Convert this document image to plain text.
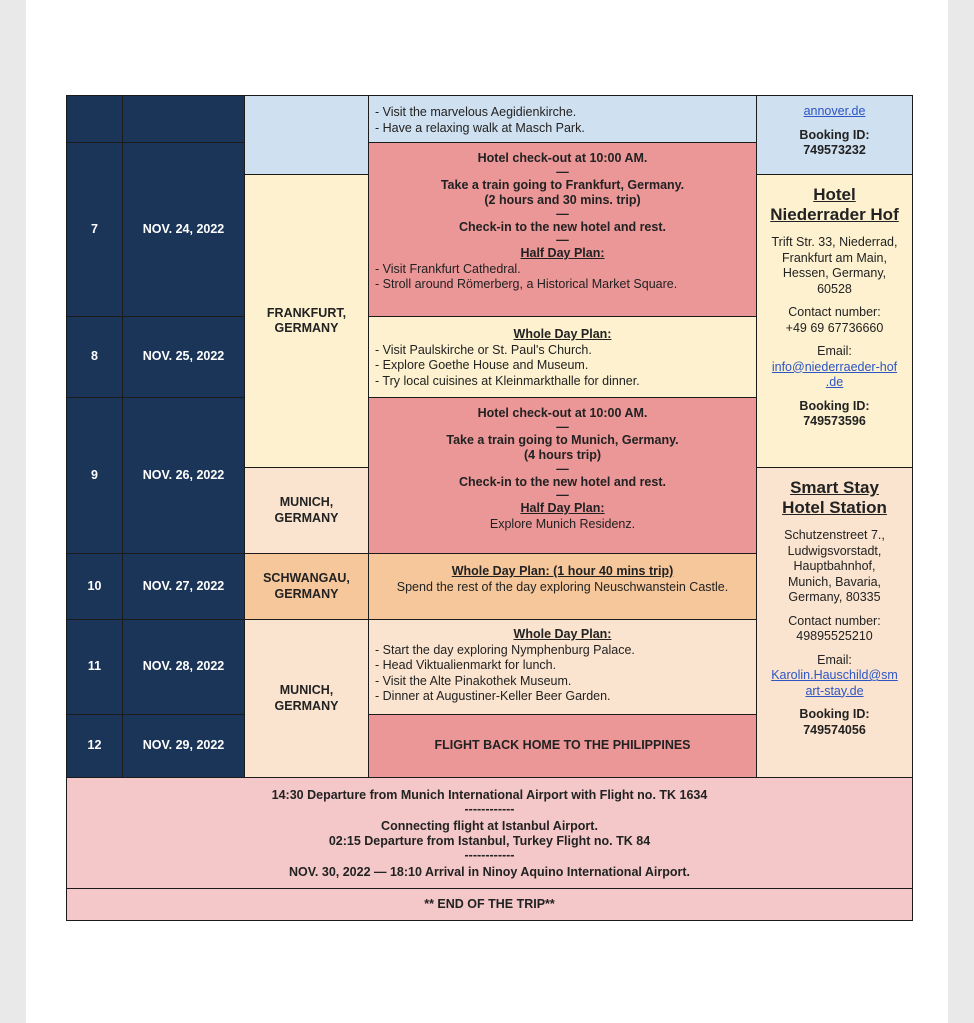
7
8
9
10
11
12
NOV. 24, 2022
NOV. 25, 2022
NOV. 26, 2022
NOV. 27, 2022
NOV. 28, 2022
NOV. 29, 2022
FRANKFURT,
GERMANY
MUNICH,
GERMANY
SCHWANGAU,
GERMANY
MUNICH,
GERMANY
- Visit the marvelous Aegidienkirche.
- Have a relaxing walk at Masch Park.
Hotel check-out at 10:00 AM.
—
Take a train going to Frankfurt, Germany.
(2 hours and 30 mins. trip)
—
Check-in to the new hotel and rest.
—
Half Day Plan:
- Visit Frankfurt Cathedral.
- Stroll around Römerberg, a Historical Market Square.
Whole Day Plan:
- Visit Paulskirche or St. Paul's Church.
- Explore Goethe House and Museum.
- Try local cuisines at Kleinmarkthalle for dinner.
Hotel check-out at 10:00 AM.
—
Take a train going to Munich, Germany.
(4 hours trip)
—
Check-in to the new hotel and rest.
—
Half Day Plan:
Explore Munich Residenz.
Whole Day Plan: (1 hour 40 mins trip)
Spend the rest of the day exploring Neuschwanstein Castle.
Whole Day Plan:
- Start the day exploring Nymphenburg Palace.
- Head Viktualienmarkt for lunch.
- Visit the Alte Pinakothek Museum.
- Dinner at Augustiner-Keller Beer Garden.
FLIGHT BACK HOME TO THE PHILIPPINES
annover.de
Booking ID:
749573232
Hotel
Niederrader Hof
Trift Str. 33, Niederrad,
Frankfurt am Main,
Hessen, Germany,
60528
Contact number:
+49 69 67736660
Email:
info@niederraeder-hof
.de
Booking ID:
749573596
Smart Stay
Hotel Station
Schutzenstreet 7.,
Ludwigsvorstadt,
Hauptbahnhof,
Munich, Bavaria,
Germany, 80335
Contact number:
49895525210
Email:
Karolin.Hauschild@sm
art-stay.de
Booking ID:
749574056
14:30 Departure from Munich International Airport with Flight no. TK 1634
------------
Connecting flight at Istanbul Airport.
02:15 Departure from Istanbul, Turkey Flight no. TK 84
------------
NOV. 30, 2022 — 18:10 Arrival in Ninoy Aquino International Airport.
** END OF THE TRIP**
